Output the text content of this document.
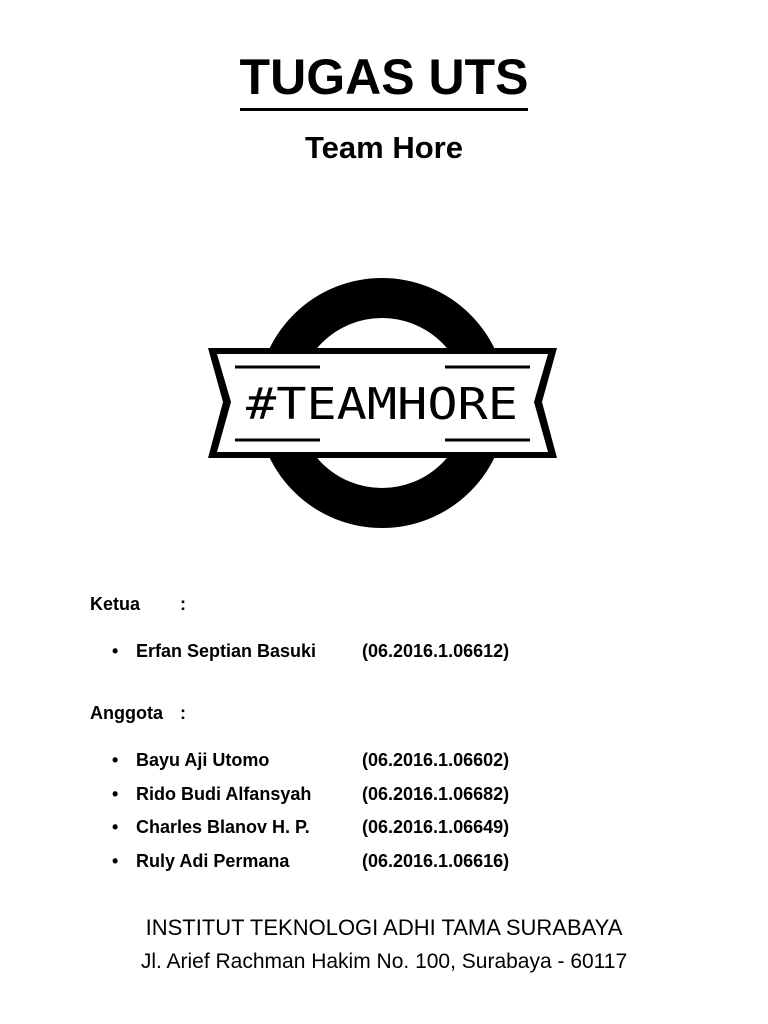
TUGAS UTS
Team Hore
#TEAMHORE
Ketua :
• Erfan Septian Basuki	(06.2016.1.06612)
Anggota :
• Bayu Aji Utomo	(06.2016.1.06602)
• Rido Budi Alfansyah	(06.2016.1.06682)
• Charles Blanov H. P.	(06.2016.1.06649)
• Ruly Adi Permana	(06.2016.1.06616)
INSTITUT TEKNOLOGI ADHI TAMA SURABAYA
Jl. Arief Rachman Hakim No. 100, Surabaya - 60117
